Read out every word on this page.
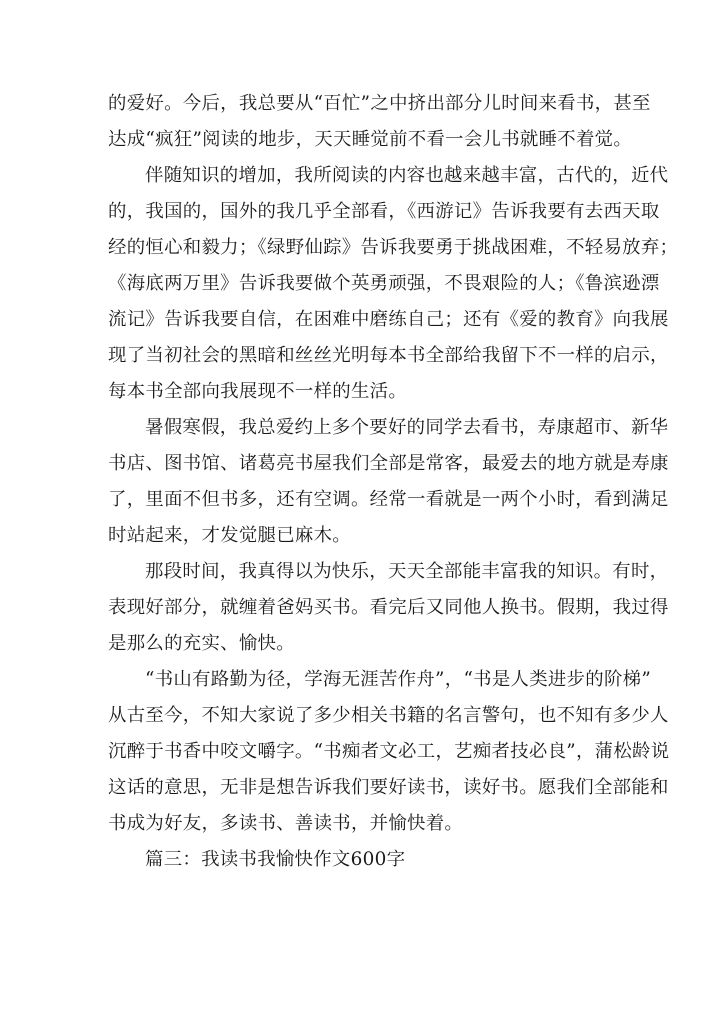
的爱好。今后，我总要从“百忙”之中挤出部分儿时间来看书，甚至
达成“疯狂”阅读的地步，天天睡觉前不看一会儿书就睡不着觉。
伴随知识的增加，我所阅读的内容也越来越丰富，古代的，近代
的，我国的，国外的我几乎全部看，《西游记》告诉我要有去西天取
经的恒心和毅力；《绿野仙踪》告诉我要勇于挑战困难，不轻易放弃；
《海底两万里》告诉我要做个英勇顽强，不畏艰险的人；《鲁滨逊漂
流记》告诉我要自信，在困难中磨练自己；还有《爱的教育》向我展
现了当初社会的黑暗和丝丝光明每本书全部给我留下不一样的启示，
每本书全部向我展现不一样的生活。
暑假寒假，我总爱约上多个要好的同学去看书，寿康超市、新华
书店、图书馆、诸葛亮书屋我们全部是常客，最爱去的地方就是寿康
了，里面不但书多，还有空调。经常一看就是一两个小时，看到满足
时站起来，才发觉腿已麻木。
那段时间，我真得以为快乐，天天全部能丰富我的知识。有时，
表现好部分，就缠着爸妈买书。看完后又同他人换书。假期，我过得
是那么的充实、愉快。
“书山有路勤为径，学海无涯苦作舟”，“书是人类进步的阶梯”
从古至今，不知大家说了多少相关书籍的名言警句，也不知有多少人
沉醉于书香中咬文嚼字。“书痴者文必工，艺痴者技必良”，蒲松龄说
这话的意思，无非是想告诉我们要好读书，读好书。愿我们全部能和
书成为好友，多读书、善读书，并愉快着。
篇三：我读书我愉快作文600字
